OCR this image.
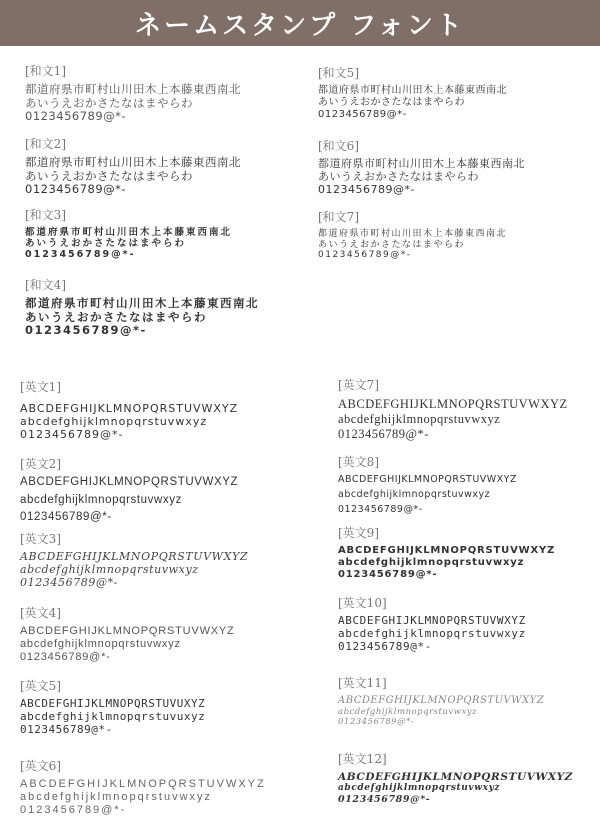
ネームスタンプ フォント
[和文1]
都道府県市町村山川田木上本藤東西南北
あいうえおかさたなはまやらわ
0123456789@*-
[和文2]
都道府県市町村山川田木上本藤東西南北
あいうえおかさたなはまやらわ
0123456789@*-
[和文3]
都道府県市町村山川田木上本藤東西南北
あいうえおかさたなはまやらわ
0123456789@*-
[和文4]
都道府県市町村山川田木上本藤東西南北
あいうえおかさたなはまやらわ
0123456789@*-
[和文5]
都道府県市町村山川田木上本藤東西南北
あいうえおかさたなはまやらわ
0123456789@*-
[和文6]
都道府県市町村山川田木上本藤東西南北
あいうえおかさたなはまやらわ
0123456789@*-
[和文7]
都道府県市町村山川田木上本藤東西南北
あいうえおかさたなはまやらわ
0123456789@*-
[英文1]
ABCDEFGHIJKLMNOPQRSTUVWXYZ
abcdefghijklmnopqrstuvwxyz
0123456789@*-
[英文2]
ABCDEFGHIJKLMNOPQRSTUVWXYZ
abcdefghijklmnopqrstuvwxyz
0123456789@*-
[英文3]
ABCDEFGHIJKLMNOPQRSTUVWXYZ
abcdefghijklmnopqrstuvwxyz
0123456789@*-
[英文4]
ABCDEFGHIJKLMNOPQRSTUVWXYZ
abcdefghijklmnopqrstuvwxyz
0123456789@*-
[英文5]
ABCDEFGHIJKLMNOPQRSTUVUXYZ
abcdefghijklmnopqrstuvuxyz
0123456789@*-
[英文6]
ABCDEFGHIJKLMNOPQRSTUVWXYZ
abcdefghijklmnopqrstuvwxyz
0123456789@*-
[英文7]
ABCDEFGHIJKLMNOPQRSTUVWXYZ
abcdefghijklmnopqrstuvwxyz
0123456789@*-
[英文8]
ABCDEFGHIJKLMNOPQRSTUVWXYZ
abcdefghijklmnopqrstuvwxyz
0123456789@*-
[英文9]
ABCDEFGHIJKLMNOPQRSTUVWXYZ
abcdefghijklmnopqrstuvwxyz
0123456789@*-
[英文10]
ABCDEFGHIJKLMNOPQRSTUVWXYZ
abcdefghijklmnopqrstuvwxyz
0123456789@*-
[英文11]
ABCDEFGHIJKLMNOPQRSTUVWXYZ
abcdefghijklmnopqrstuvwxyz
0123456789@*-
[英文12]
ABCDEFGHIJKLMNOPQRSTUVWXYZ
abcdefghijklmnopqrstuvwxyz
0123456789@*-
